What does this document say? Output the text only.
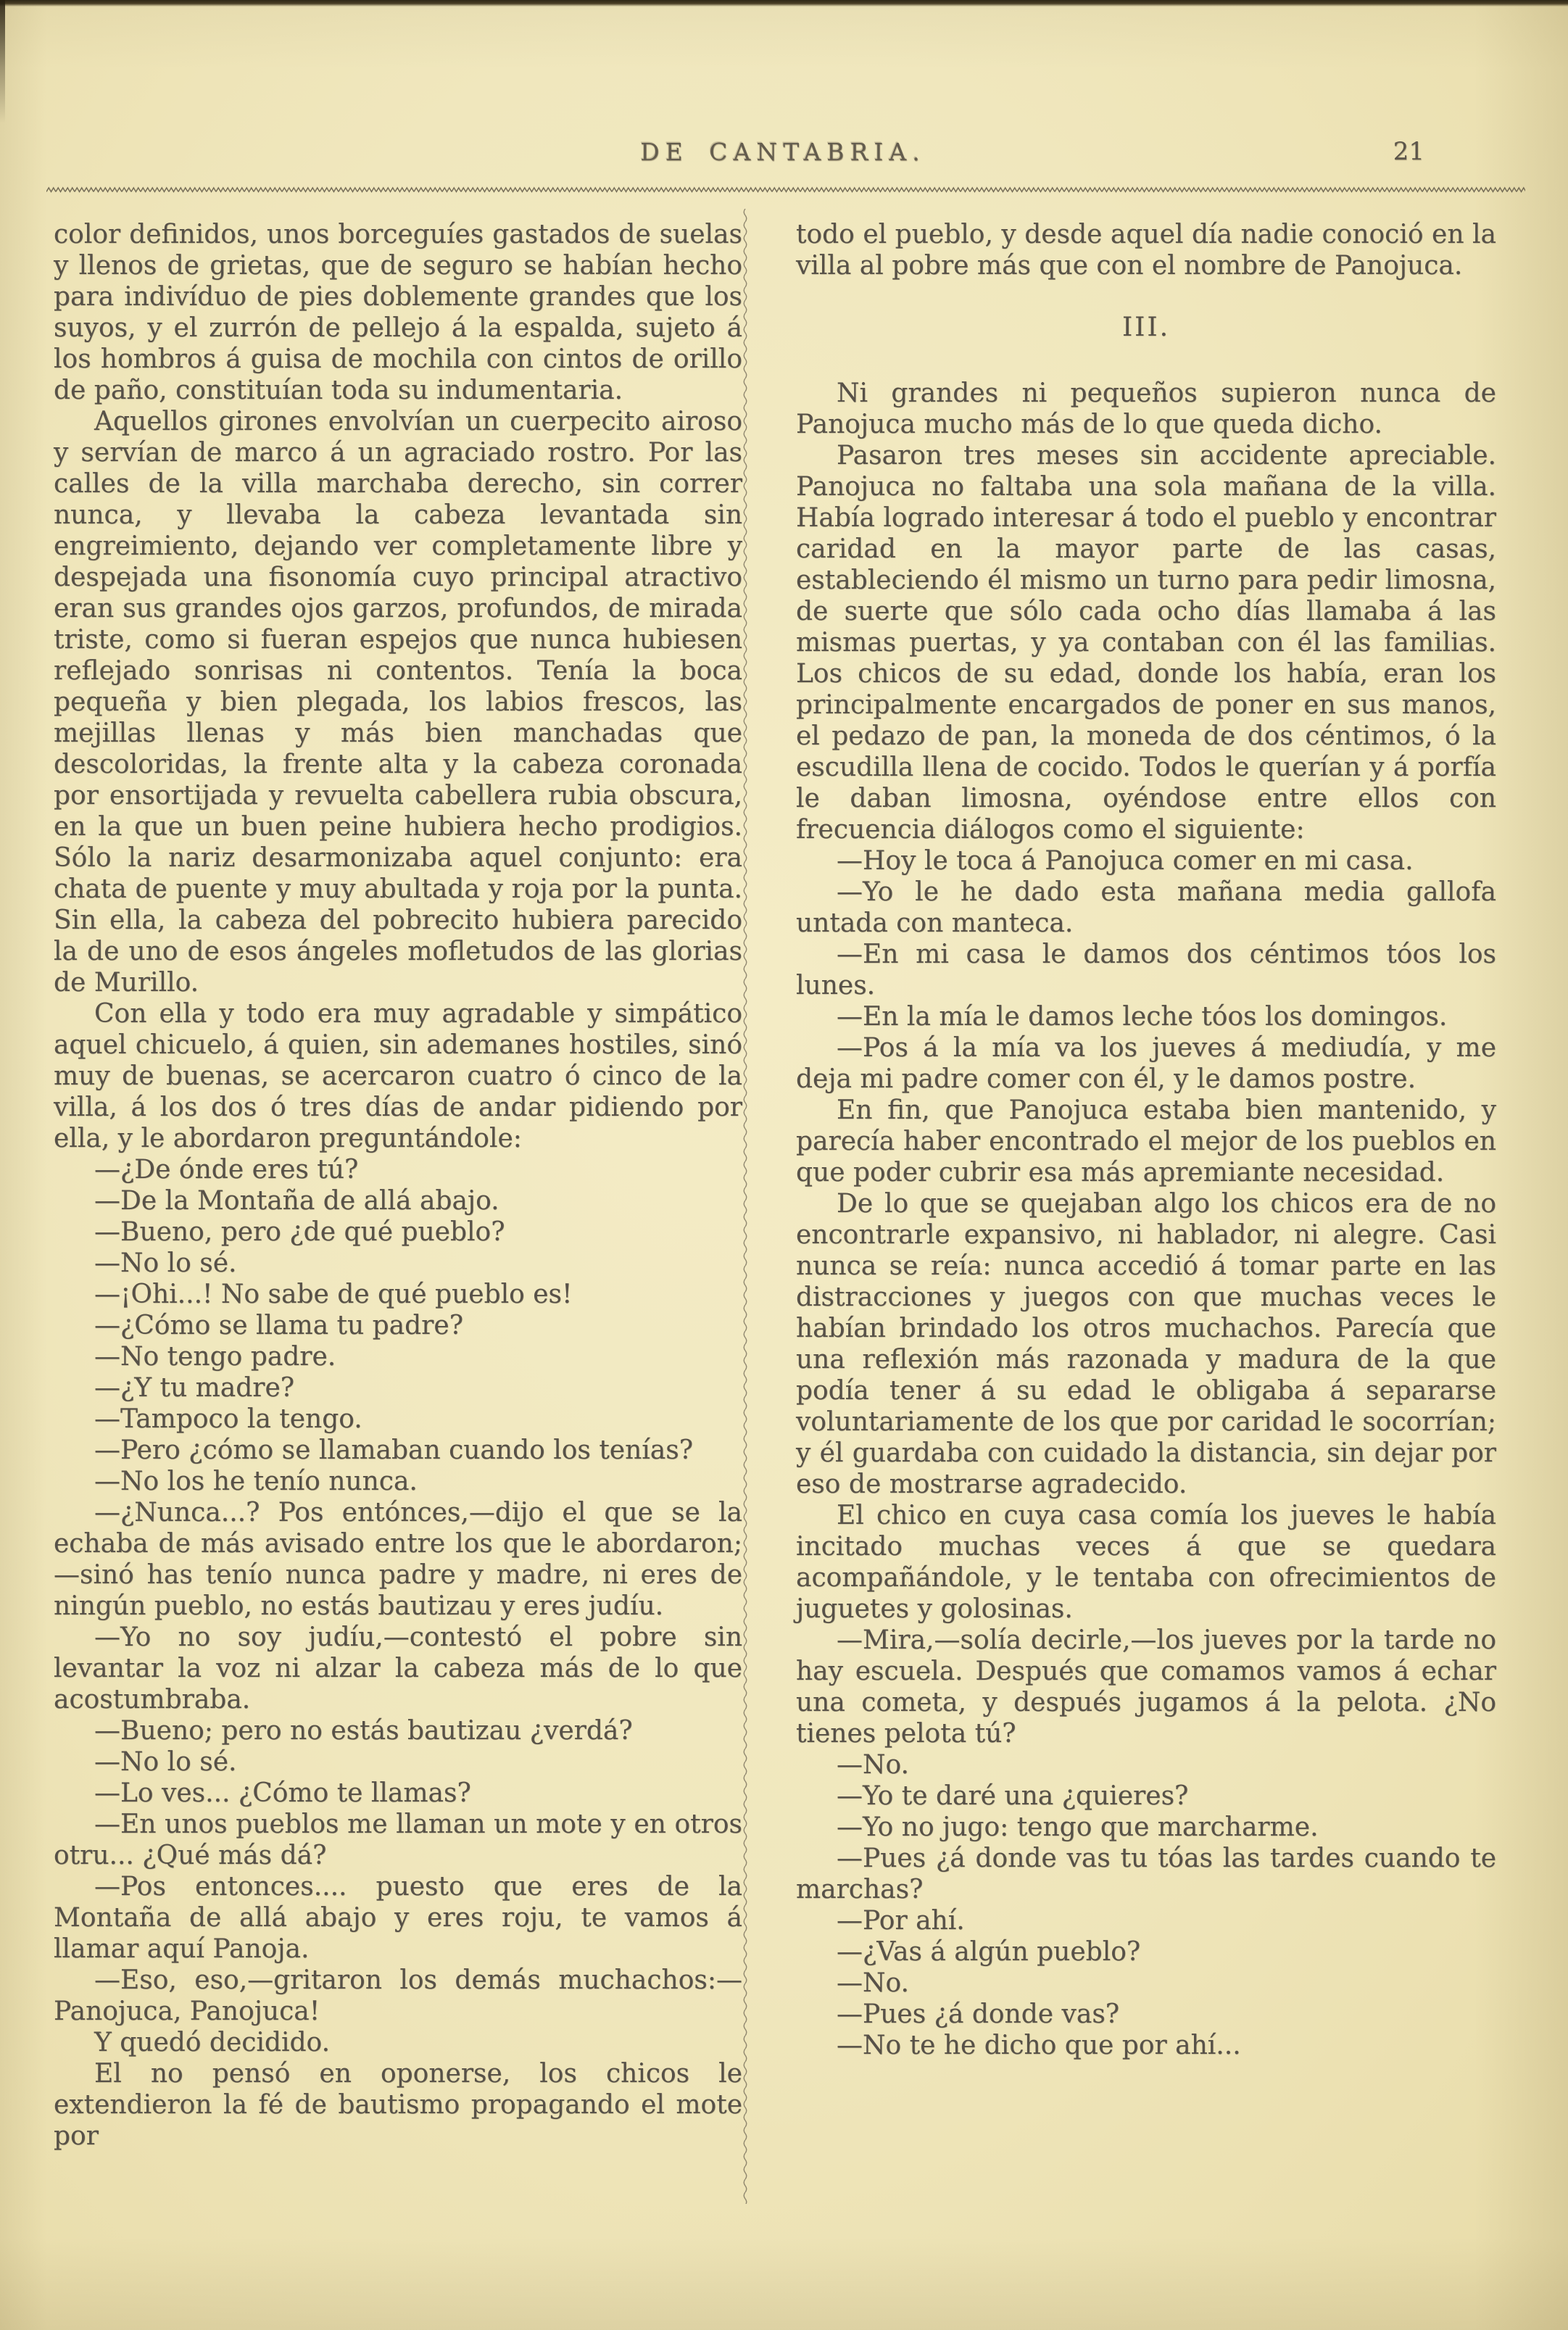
DE CANTABRIA.	21

color definidos, unos borceguíes gastados de suelas y llenos de grietas, que de seguro se habían hecho para indivíduo de pies doblemente grandes que los suyos, y el zurrón de pellejo á la espalda, sujeto á los hombros á guisa de mochila con cintos de orillo de paño, constituían toda su indumentaria.

Aquellos girones envolvían un cuerpecito airoso y servían de marco á un agraciado rostro. Por las calles de la villa marchaba derecho, sin correr nunca, y llevaba la cabeza levantada sin engreimiento, dejando ver completamente libre y despejada una fisonomía cuyo principal atractivo eran sus grandes ojos garzos, profundos, de mirada triste, como si fueran espejos que nunca hubiesen reflejado sonrisas ni contentos. Tenía la boca pequeña y bien plegada, los labios frescos, las mejillas llenas y más bien manchadas que descoloridas, la frente alta y la cabeza coronada por ensortijada y revuelta cabellera rubia obscura, en la que un buen peine hubiera hecho prodigios. Sólo la nariz desarmonizaba aquel conjunto: era chata de puente y muy abultada y roja por la punta. Sin ella, la cabeza del pobrecito hubiera parecido la de uno de esos ángeles mofletudos de las glorias de Murillo.

Con ella y todo era muy agradable y simpático aquel chicuelo, á quien, sin ademanes hostiles, sinó muy de buenas, se acercaron cuatro ó cinco de la villa, á los dos ó tres días de andar pidiendo por ella, y le abordaron preguntándole:

—¿De ónde eres tú?

—De la Montaña de allá abajo.

—Bueno, pero ¿de qué pueblo?

—No lo sé.

—¡Ohi...! No sabe de qué pueblo es!

—¿Cómo se llama tu padre?

—No tengo padre.

—¿Y tu madre?

—Tampoco la tengo.

—Pero ¿cómo se llamaban cuando los tenías?

—No los he tenío nunca.

—¿Nunca...? Pos entónces,—dijo el que se la echaba de más avisado entre los que le abordaron;—sinó has tenío nunca padre y madre, ni eres de ningún pueblo, no estás bautizau y eres judíu.

—Yo no soy judíu,—contestó el pobre sin levantar la voz ni alzar la cabeza más de lo que acostumbraba.

—Bueno; pero no estás bautizau ¿verdá?

—No lo sé.

—Lo ves... ¿Cómo te llamas?

—En unos pueblos me llaman un mote y en otros otru... ¿Qué más dá?

—Pos entonces.... puesto que eres de la Montaña de allá abajo y eres roju, te vamos á llamar aquí Panoja.

—Eso, eso,—gritaron los demás muchachos:—Panojuca, Panojuca!

Y quedó decidido.

El no pensó en oponerse, los chicos le extendieron la fé de bautismo propagando el mote por

todo el pueblo, y desde aquel día nadie conoció en la villa al pobre más que con el nombre de Panojuca.

III.

Ni grandes ni pequeños supieron nunca de Panojuca mucho más de lo que queda dicho.

Pasaron tres meses sin accidente apreciable. Panojuca no faltaba una sola mañana de la villa. Había logrado interesar á todo el pueblo y encontrar caridad en la mayor parte de las casas, estableciendo él mismo un turno para pedir limosna, de suerte que sólo cada ocho días llamaba á las mismas puertas, y ya contaban con él las familias. Los chicos de su edad, donde los había, eran los principalmente encargados de poner en sus manos, el pedazo de pan, la moneda de dos céntimos, ó la escudilla llena de cocido. Todos le querían y á porfía le daban limosna, oyéndose entre ellos con frecuencia diálogos como el siguiente:

—Hoy le toca á Panojuca comer en mi casa.

—Yo le he dado esta mañana media gallofa untada con manteca.

—En mi casa le damos dos céntimos tóos los lunes.

—En la mía le damos leche tóos los domingos.

—Pos á la mía va los jueves á mediudía, y me deja mi padre comer con él, y le damos postre.

En fin, que Panojuca estaba bien mantenido, y parecía haber encontrado el mejor de los pueblos en que poder cubrir esa más apremiante necesidad.

De lo que se quejaban algo los chicos era de no encontrarle expansivo, ni hablador, ni alegre. Casi nunca se reía: nunca accedió á tomar parte en las distracciones y juegos con que muchas veces le habían brindado los otros muchachos. Parecía que una reflexión más razonada y madura de la que podía tener á su edad le obligaba á separarse voluntariamente de los que por caridad le socorrían; y él guardaba con cuidado la distancia, sin dejar por eso de mostrarse agradecido.

El chico en cuya casa comía los jueves le había incitado muchas veces á que se quedara acompañándole, y le tentaba con ofrecimientos de juguetes y golosinas.

—Mira,—solía decirle,—los jueves por la tarde no hay escuela. Después que comamos vamos á echar una cometa, y después jugamos á la pelota. ¿No tienes pelota tú?

—No.

—Yo te daré una ¿quieres?

—Yo no jugo: tengo que marcharme.

—Pues ¿á donde vas tu tóas las tardes cuando te marchas?

—Por ahí.

—¿Vas á algún pueblo?

—No.

—Pues ¿á donde vas?

—No te he dicho que por ahí...
